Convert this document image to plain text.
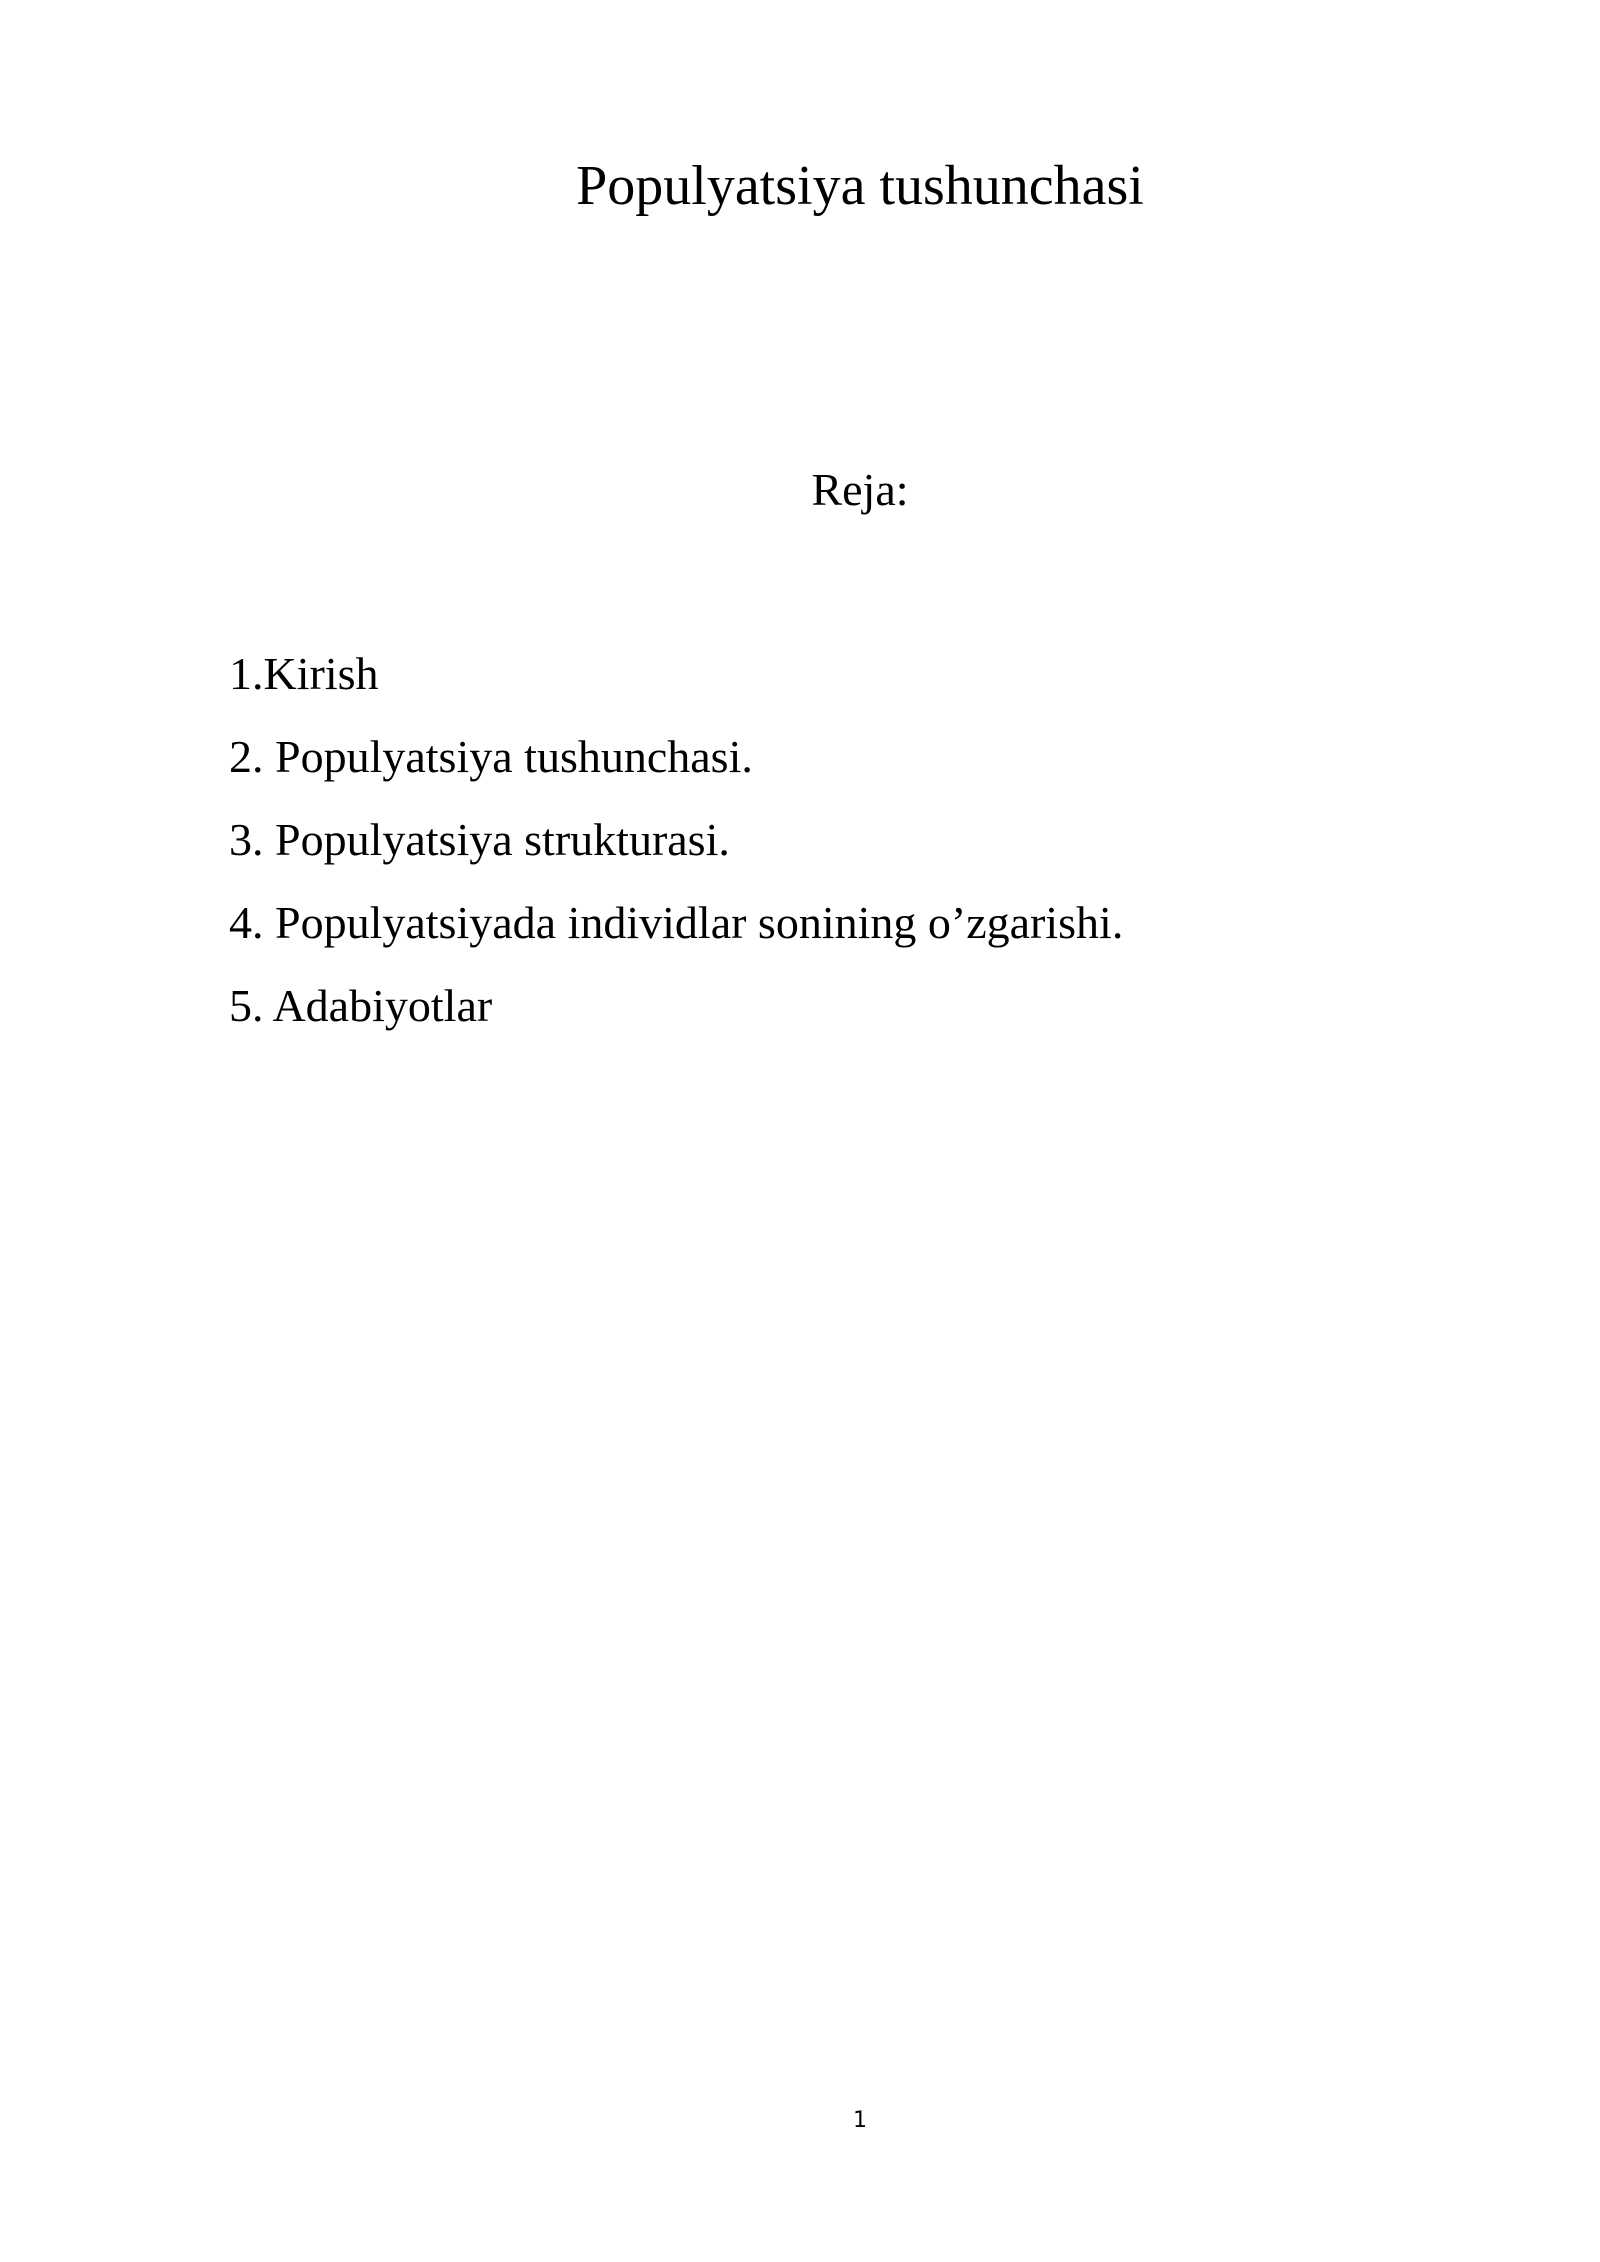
Populyatsiya tushunchasi
Reja:
1.Kirish
2. Populyatsiya tushunchasi.
3. Populyatsiya strukturasi.
4. Populyatsiyada individlar sonining o’zgarishi.
5. Adabiyotlar
1
